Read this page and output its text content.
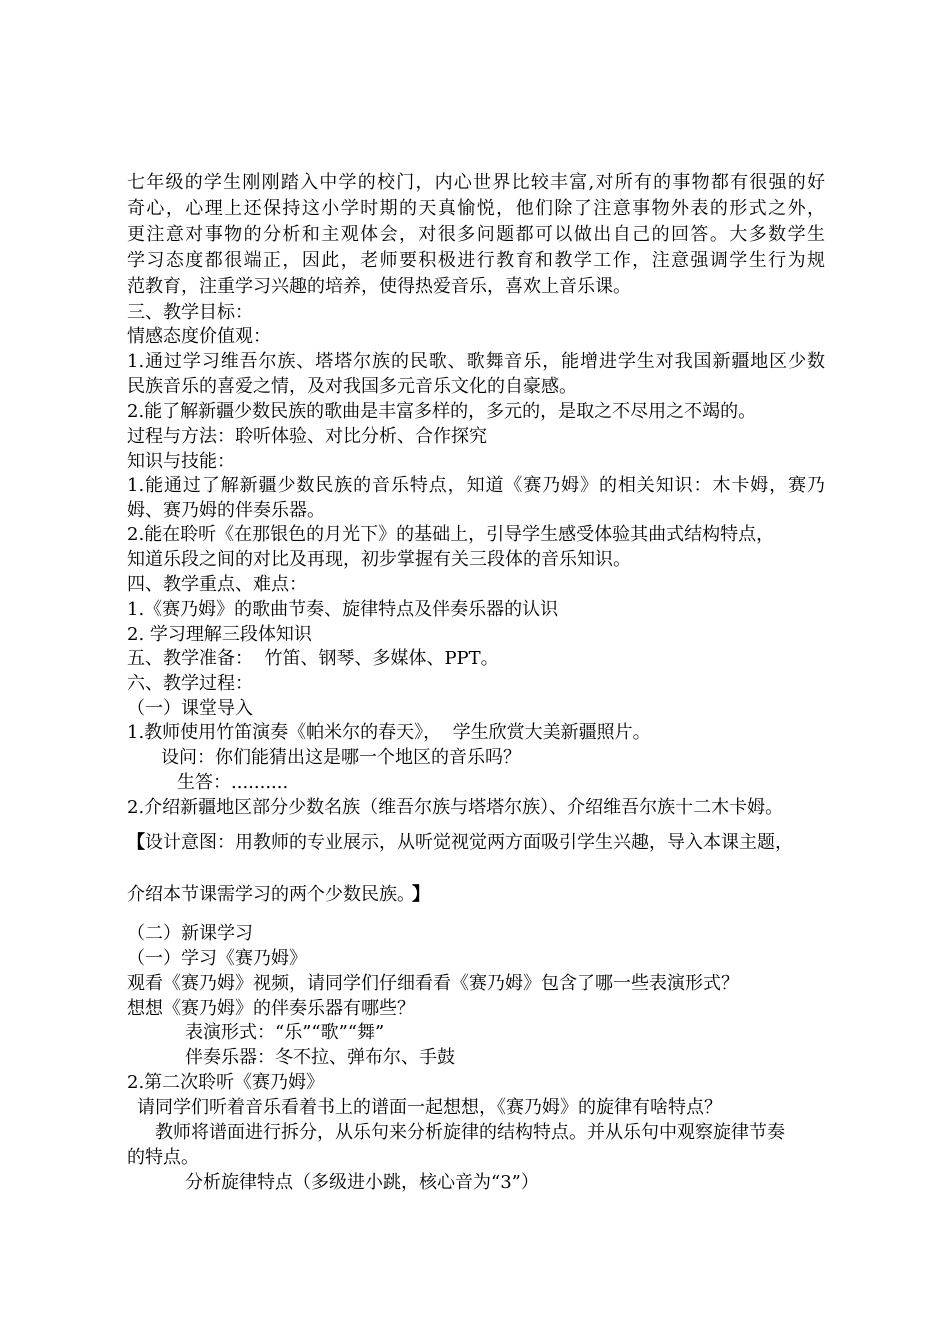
七年级的学生刚刚踏入中学的校门，内心世界比较丰富,对所有的事物都有很强的好
奇心，心理上还保持这小学时期的天真愉悦，他们除了注意事物外表的形式之外，
更注意对事物的分析和主观体会，对很多问题都可以做出自己的回答。大多数学生
学习态度都很端正，因此，老师要积极进行教育和教学工作，注意强调学生行为规
范教育，注重学习兴趣的培养，使得热爱音乐，喜欢上音乐课。
三、教学目标：
情感态度价值观：
1.通过学习维吾尔族、塔塔尔族的民歌、歌舞音乐，能增进学生对我国新疆地区少数
民族音乐的喜爱之情，及对我国多元音乐文化的自豪感。
2.能了解新疆少数民族的歌曲是丰富多样的，多元的，是取之不尽用之不竭的。
过程与方法：聆听体验、对比分析、合作探究
知识与技能：
1.能通过了解新疆少数民族的音乐特点，知道《赛乃姆》的相关知识：木卡姆，赛乃
姆、赛乃姆的伴奏乐器。
2.能在聆听《在那银色的月光下》的基础上，引导学生感受体验其曲式结构特点，
知道乐段之间的对比及再现，初步掌握有关三段体的音乐知识。
四、教学重点、难点：
1.《赛乃姆》的歌曲节奏、旋律特点及伴奏乐器的认识
2. 学习理解三段体知识
五、教学准备：  竹笛、钢琴、多媒体、PPT。
六、教学过程：
（一）课堂导入
1.教师使用竹笛演奏《帕米尔的春天》，  学生欣赏大美新疆照片。
设问：你们能猜出这是哪一个地区的音乐吗？
生答：..........
2.介绍新疆地区部分少数名族（维吾尔族与塔塔尔族）、介绍维吾尔族十二木卡姆。
【设计意图：用教师的专业展示，从听觉视觉两方面吸引学生兴趣，导入本课主题，
介绍本节课需学习的两个少数民族。 】
（二）新课学习
（一）学习《赛乃姆》
观看《赛乃姆》视频，请同学们仔细看看《赛乃姆》包含了哪一些表演形式？
想想《赛乃姆》的伴奏乐器有哪些？
表演形式：“乐”“歌”“舞”
伴奏乐器：冬不拉、弹布尔、手鼓
2.第二次聆听《赛乃姆》
请同学们听着音乐看着书上的谱面一起想想，《赛乃姆》的旋律有啥特点？
教师将谱面进行拆分，从乐句来分析旋律的结构特点。并从乐句中观察旋律节奏
的特点。
分析旋律特点（多级进小跳，核心音为“3”）
